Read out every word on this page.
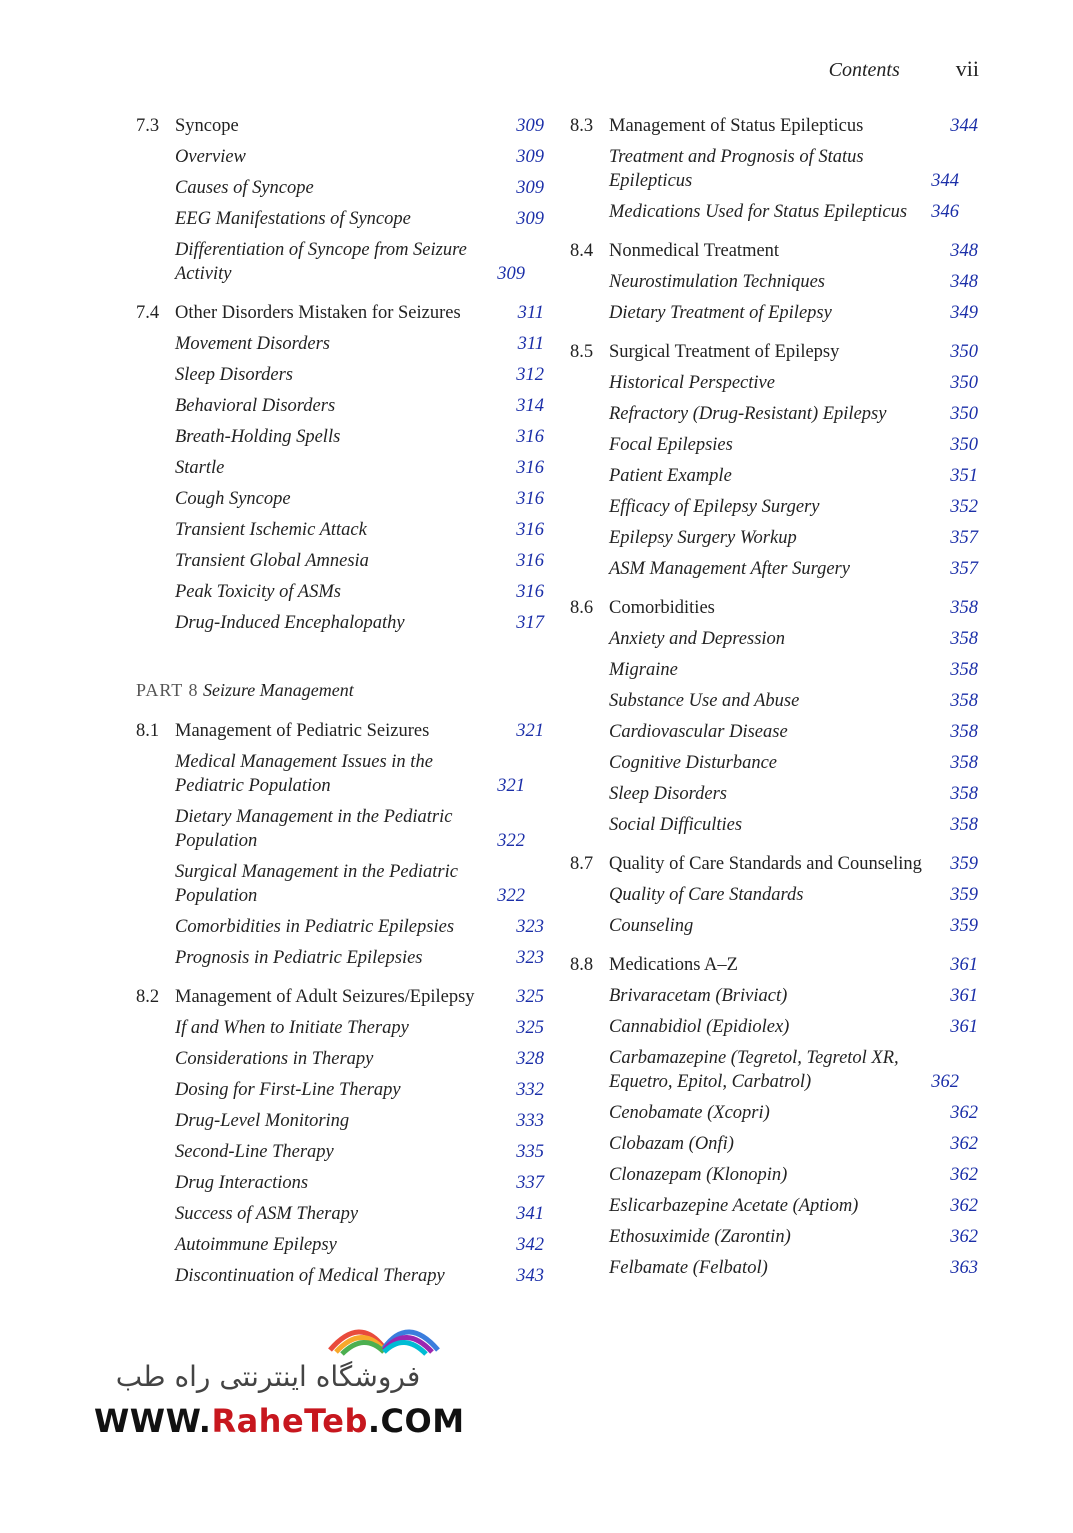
Contents	vii
7.3 Syncope	309
Overview	309
Causes of Syncope	309
EEG Manifestations of Syncope	309
Differentiation of Syncope from Seizure Activity	309
7.4 Other Disorders Mistaken for Seizures	311
Movement Disorders	311
Sleep Disorders	312
Behavioral Disorders	314
Breath-Holding Spells	316
Startle	316
Cough Syncope	316
Transient Ischemic Attack	316
Transient Global Amnesia	316
Peak Toxicity of ASMs	316
Drug-Induced Encephalopathy	317
PART 8 Seizure Management
8.1 Management of Pediatric Seizures	321
Medical Management Issues in the Pediatric Population	321
Dietary Management in the Pediatric Population	322
Surgical Management in the Pediatric Population	322
Comorbidities in Pediatric Epilepsies	323
Prognosis in Pediatric Epilepsies	323
8.2 Management of Adult Seizures/Epilepsy	325
If and When to Initiate Therapy	325
Considerations in Therapy	328
Dosing for First-Line Therapy	332
Drug-Level Monitoring	333
Second-Line Therapy	335
Drug Interactions	337
Success of ASM Therapy	341
Autoimmune Epilepsy	342
Discontinuation of Medical Therapy	343
8.3 Management of Status Epilepticus	344
Treatment and Prognosis of Status Epilepticus	344
Medications Used for Status Epilepticus	346
8.4 Nonmedical Treatment	348
Neurostimulation Techniques	348
Dietary Treatment of Epilepsy	349
8.5 Surgical Treatment of Epilepsy	350
Historical Perspective	350
Refractory (Drug-Resistant) Epilepsy	350
Focal Epilepsies	350
Patient Example	351
Efficacy of Epilepsy Surgery	352
Epilepsy Surgery Workup	357
ASM Management After Surgery	357
8.6 Comorbidities	358
Anxiety and Depression	358
Migraine	358
Substance Use and Abuse	358
Cardiovascular Disease	358
Cognitive Disturbance	358
Sleep Disorders	358
Social Difficulties	358
8.7 Quality of Care Standards and Counseling	359
Quality of Care Standards	359
Counseling	359
8.8 Medications A–Z	361
Brivaracetam (Briviact)	361
Cannabidiol (Epidiolex)	361
Carbamazepine (Tegretol, Tegretol XR, Equetro, Epitol, Carbatrol)	362
Cenobamate (Xcopri)	362
Clobazam (Onfi)	362
Clonazepam (Klonopin)	362
Eslicarbazepine Acetate (Aptiom)	362
Ethosuximide (Zarontin)	362
Felbamate (Felbatol)	363
فروشگاه اینترنتی راه طب
WWW.RaheTeb.COM
